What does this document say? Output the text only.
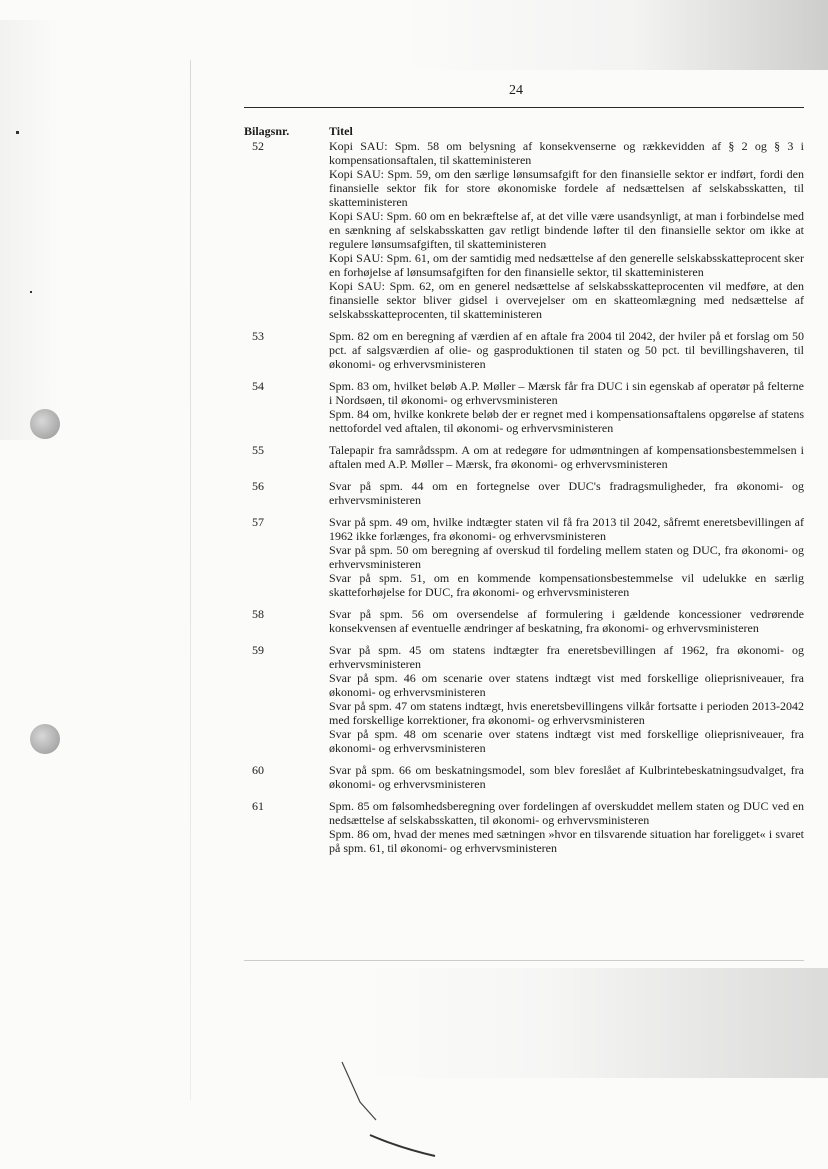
24
Bilagsnr.	Titel
52	Kopi SAU: Spm. 58 om belysning af konsekvenserne og rækkevidden af § 2 og § 3 i kompensationsaftalen, til skatteministeren
Kopi SAU: Spm. 59, om den særlige lønsumsafgift for den finansielle sektor er indført, fordi den finansielle sektor fik for store økonomiske fordele af nedsættelsen af selskabsskatten, til skatteministeren
Kopi SAU: Spm. 60 om en bekræftelse af, at det ville være usandsynligt, at man i forbindelse med en sænkning af selskabsskatten gav retligt bindende løfter til den finansielle sektor om ikke at regulere lønsumsafgiften, til skatteministeren
Kopi SAU: Spm. 61, om der samtidig med nedsættelse af den generelle selskabsskatteprocent sker en forhøjelse af lønsumsafgiften for den finansielle sektor, til skatteministeren
Kopi SAU: Spm. 62, om en generel nedsættelse af selskabsskatteprocenten vil medføre, at den finansielle sektor bliver gidsel i overvejelser om en skatteomlægning med nedsættelse af selskabsskatteprocenten, til skatteministeren
53	Spm. 82 om en beregning af værdien af en aftale fra 2004 til 2042, der hviler på et forslag om 50 pct. af salgsværdien af olie- og gasproduktionen til staten og 50 pct. til bevillingshaveren, til økonomi- og erhvervsministeren
54	Spm. 83 om, hvilket beløb A.P. Møller – Mærsk får fra DUC i sin egenskab af operatør på felterne i Nordsøen, til økonomi- og erhvervsministeren
Spm. 84 om, hvilke konkrete beløb der er regnet med i kompensationsaftalens opgørelse af statens nettofordel ved aftalen, til økonomi- og erhvervsministeren
55	Talepapir fra samrådsspm. A om at redegøre for udmøntningen af kompensationsbestemmelsen i aftalen med A.P. Møller – Mærsk, fra økonomi- og erhvervsministeren
56	Svar på spm. 44 om en fortegnelse over DUC's fradragsmuligheder, fra økonomi- og erhvervsministeren
57	Svar på spm. 49 om, hvilke indtægter staten vil få fra 2013 til 2042, såfremt eneretsbevillingen af 1962 ikke forlænges, fra økonomi- og erhvervsministeren
Svar på spm. 50 om beregning af overskud til fordeling mellem staten og DUC, fra økonomi- og erhvervsministeren
Svar på spm. 51, om en kommende kompensationsbestemmelse vil udelukke en særlig skatteforhøjelse for DUC, fra økonomi- og erhvervsministeren
58	Svar på spm. 56 om oversendelse af formulering i gældende koncessioner vedrørende konsekvensen af eventuelle ændringer af beskatning, fra økonomi- og erhvervsministeren
59	Svar på spm. 45 om statens indtægter fra eneretsbevillingen af 1962, fra økonomi- og erhvervsministeren
Svar på spm. 46 om scenarie over statens indtægt vist med forskellige olieprisniveauer, fra økonomi- og erhvervsministeren
Svar på spm. 47 om statens indtægt, hvis eneretsbevillingens vilkår fortsatte i perioden 2013-2042 med forskellige korrektioner, fra økonomi- og erhvervsministeren
Svar på spm. 48 om scenarie over statens indtægt vist med forskellige olieprisniveauer, fra økonomi- og erhvervsministeren
60	Svar på spm. 66 om beskatningsmodel, som blev foreslået af Kulbrintebeskatningsudvalget, fra økonomi- og erhvervsministeren
61	Spm. 85 om følsomhedsberegning over fordelingen af overskuddet mellem staten og DUC ved en nedsættelse af selskabsskatten, til økonomi- og erhvervsministeren
Spm. 86 om, hvad der menes med sætningen »hvor en tilsvarende situation har foreligget« i svaret på spm. 61, til økonomi- og erhvervsministeren
